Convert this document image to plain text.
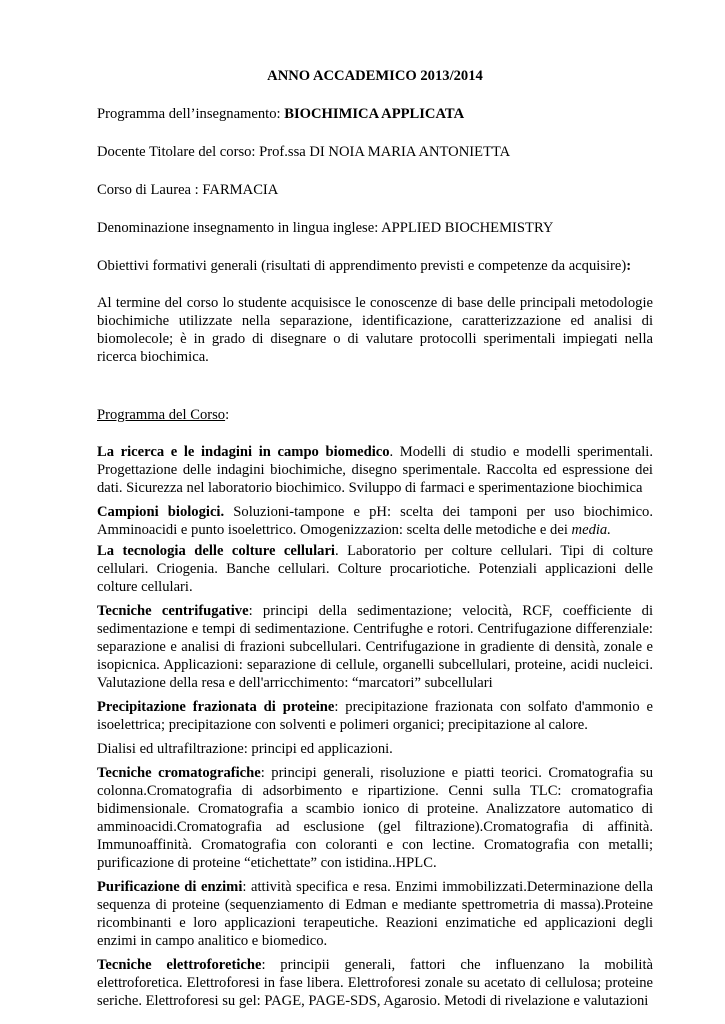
ANNO ACCADEMICO 2013/2014

Programma dell’insegnamento: BIOCHIMICA APPLICATA

Docente Titolare del corso: Prof.ssa DI NOIA MARIA ANTONIETTA

Corso di Laurea : FARMACIA

Denominazione insegnamento in lingua inglese: APPLIED BIOCHEMISTRY

Obiettivi formativi generali (risultati di apprendimento previsti e competenze da acquisire):

Al termine del corso lo studente acquisisce le conoscenze di base delle principali metodologie biochimiche utilizzate nella separazione, identificazione, caratterizzazione ed analisi di biomolecole; è in grado di disegnare o di valutare protocolli sperimentali impiegati nella ricerca biochimica.

Programma del Corso:

La ricerca e le indagini in campo biomedico. Modelli di studio e modelli sperimentali. Progettazione delle indagini biochimiche, disegno sperimentale. Raccolta ed espressione dei dati. Sicurezza nel laboratorio biochimico. Sviluppo di farmaci e sperimentazione biochimica

Campioni biologici. Soluzioni-tampone e pH: scelta dei tamponi per uso biochimico. Amminoacidi e punto isoelettrico. Omogenizzazion: scelta delle metodiche e dei media.

La tecnologia delle colture cellulari. Laboratorio per colture cellulari. Tipi di colture cellulari. Criogenia. Banche cellulari. Colture procariotiche. Potenziali applicazioni delle colture cellulari.

Tecniche centrifugative: principi della sedimentazione; velocità, RCF, coefficiente di sedimentazione e tempi di sedimentazione. Centrifughe e rotori. Centrifugazione differenziale: separazione e analisi di frazioni subcellulari. Centrifugazione in gradiente di densità, zonale e isopicnica. Applicazioni: separazione di cellule, organelli subcellulari, proteine, acidi nucleici. Valutazione della resa e dell'arricchimento: “marcatori” subcellulari

Precipitazione frazionata di proteine: precipitazione frazionata con solfato d'ammonio e isoelettrica; precipitazione con solventi e polimeri organici; precipitazione al calore.

Dialisi ed ultrafiltrazione: principi ed applicazioni.

Tecniche cromatografiche: principi generali, risoluzione e piatti teorici. Cromatografia su colonna.Cromatografia di adsorbimento e ripartizione. Cenni sulla TLC: cromatografia bidimensionale. Cromatografia a scambio ionico di proteine. Analizzatore automatico di amminoacidi.Cromatografia ad esclusione (gel filtrazione).Cromatografia di affinità. Immunoaffinità. Cromatografia con coloranti e con lectine. Cromatografia con metalli; purificazione di proteine “etichettate” con istidina..HPLC.

Purificazione di enzimi: attività specifica e resa. Enzimi immobilizzati.Determinazione della sequenza di proteine (sequenziamento di Edman e mediante spettrometria di massa).Proteine ricombinanti e loro applicazioni terapeutiche. Reazioni enzimatiche ed applicazioni degli enzimi in campo analitico e biomedico.

Tecniche elettroforetiche: principii generali, fattori che influenzano la mobilità elettroforetica. Elettroforesi in fase libera. Elettroforesi zonale su acetato di cellulosa; proteine seriche. Elettroforesi su gel: PAGE, PAGE-SDS, Agarosio. Metodi di rivelazione e valutazioni
